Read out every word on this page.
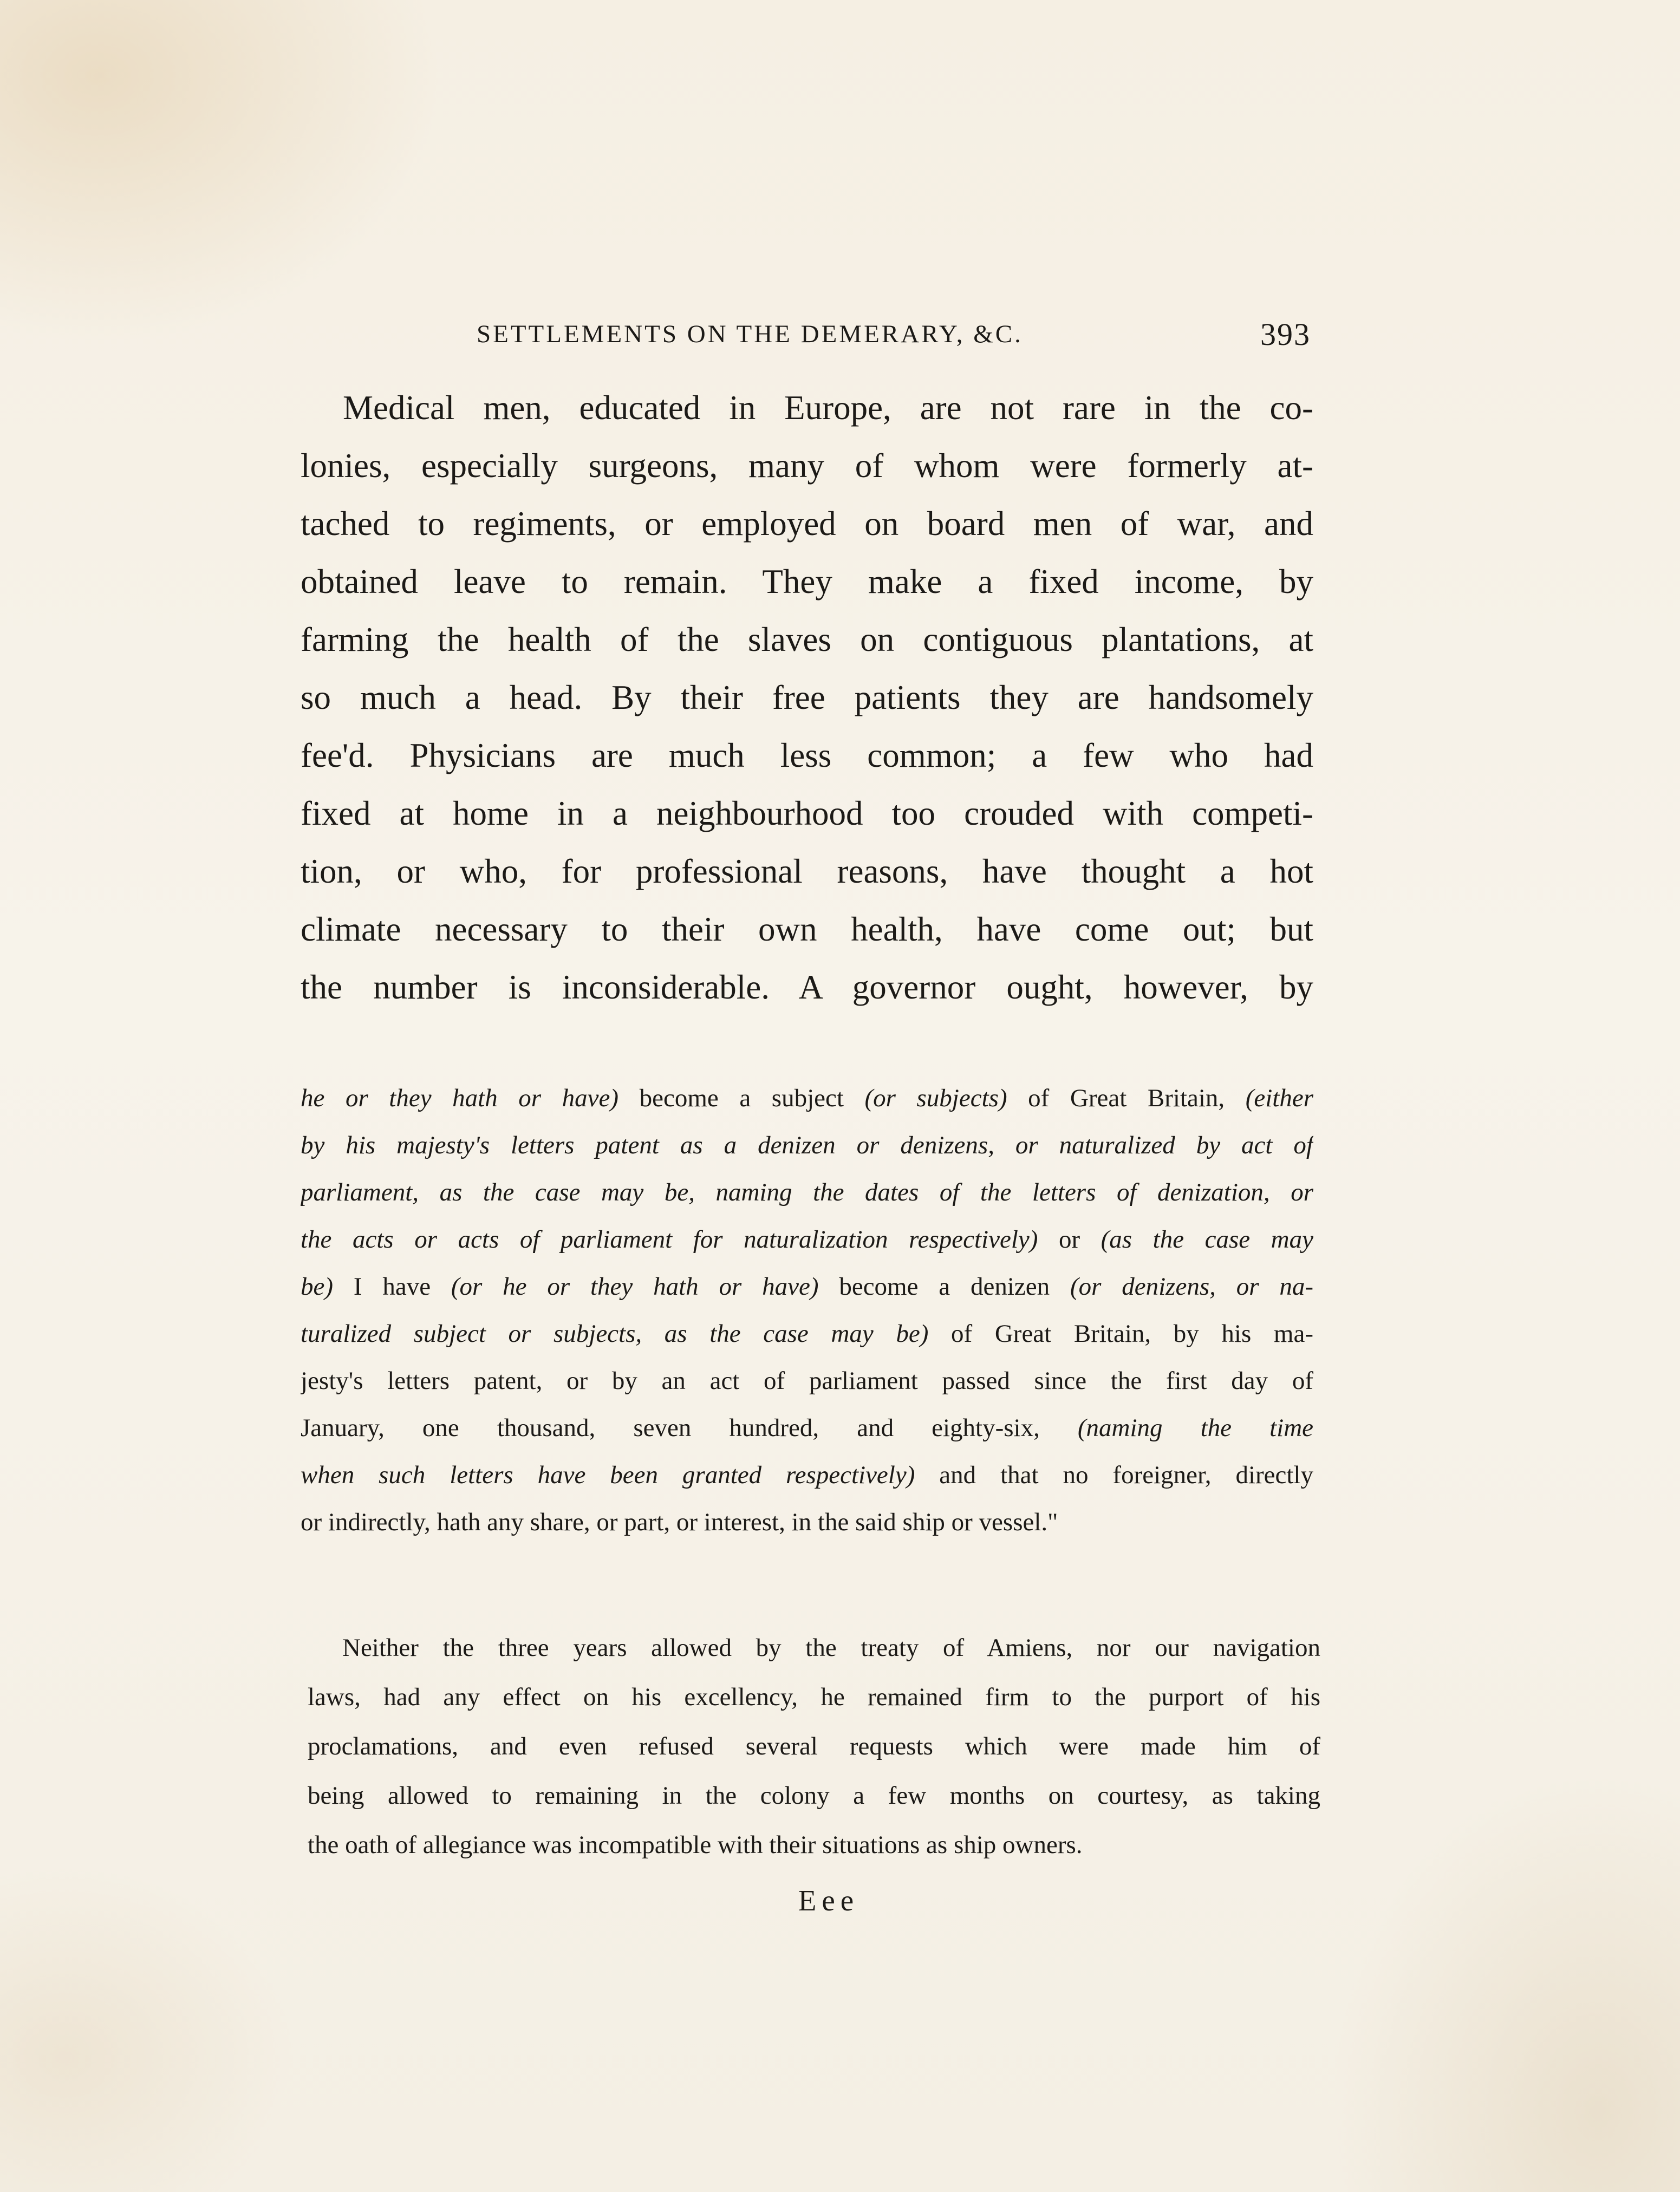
SETTLEMENTS ON THE DEMERARY, &C.	393
Medical men, educated in Europe, are not rare in the co-
lonies, especially surgeons, many of whom were formerly at-
tached to regiments, or employed on board men of war, and
obtained leave to remain. They make a fixed income, by
farming the health of the slaves on contiguous plantations, at
so much a head. By their free patients they are handsomely
fee'd. Physicians are much less common; a few who had
fixed at home in a neighbourhood too crouded with competi-
tion, or who, for professional reasons, have thought a hot
climate necessary to their own health, have come out; but
the number is inconsiderable. A governor ought, however, by
he or they hath or have) become a subject (or subjects) of Great Britain, (either
by his majesty's letters patent as a denizen or denizens, or naturalized by act of
parliament, as the case may be, naming the dates of the letters of denization, or
the acts or acts of parliament for naturalization respectively) or (as the case may
be) I have (or he or they hath or have) become a denizen (or denizens, or na-
turalized subject or subjects, as the case may be) of Great Britain, by his ma-
jesty's letters patent, or by an act of parliament passed since the first day of
January, one thousand, seven hundred, and eighty-six, (naming the time
when such letters have been granted respectively) and that no foreigner, directly
or indirectly, hath any share, or part, or interest, in the said ship or vessel."
Neither the three years allowed by the treaty of Amiens, nor our navigation
laws, had any effect on his excellency, he remained firm to the purport of his
proclamations, and even refused several requests which were made him of
being allowed to remaining in the colony a few months on courtesy, as taking
the oath of allegiance was incompatible with their situations as ship owners.
Eee
